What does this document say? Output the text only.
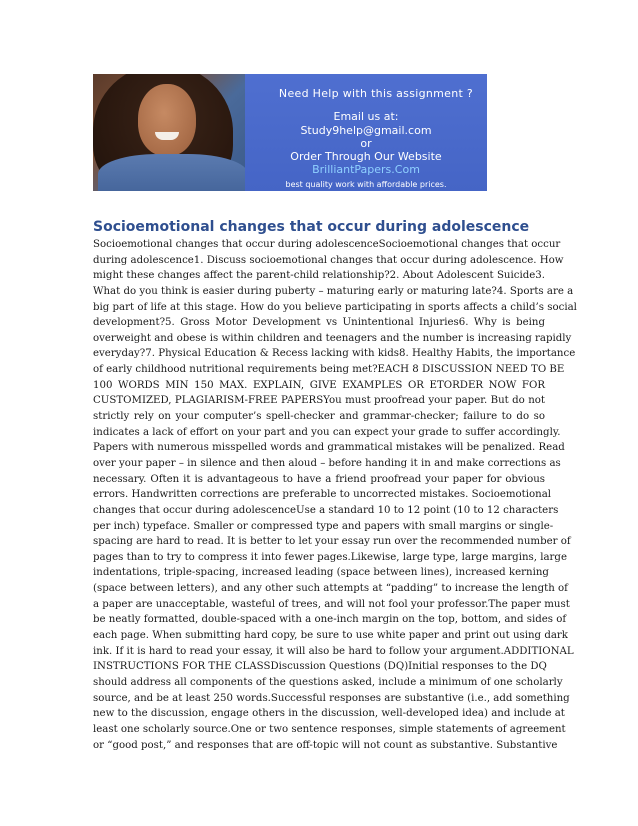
Need Help with this assignment ?
Email us at:
Study9help@gmail.com
or
Order Through Our Website
BrilliantPapers.Com
best quality work with affordable prices.
Socioemotional changes that occur during adolescence
Socioemotional changes that occur during adolescenceSocioemotional changes that occur
during adolescence1. Discuss socioemotional changes that occur during adolescence. How
might these changes affect the parent-child relationship?2. About Adolescent Suicide3.
What do you think is easier during puberty – maturing early or maturing late?4. Sports are a
big part of life at this stage. How do you believe participating in sports affects a child’s social
development?5. Gross Motor Development vs Unintentional Injuries6. Why is being
overweight and obese is within children and teenagers and the number is increasing rapidly
everyday?7. Physical Education & Recess lacking with kids8. Healthy Habits, the importance
of early childhood nutritional requirements being met?EACH 8 DISCUSSION NEED TO BE
100 WORDS MIN 150 MAX. EXPLAIN, GIVE EXAMPLES OR ETORDER NOW FOR
CUSTOMIZED, PLAGIARISM-FREE PAPERSYou must proofread your paper. But do not
strictly rely on your computer’s spell-checker and grammar-checker; failure to do so
indicates a lack of effort on your part and you can expect your grade to suffer accordingly.
Papers with numerous misspelled words and grammatical mistakes will be penalized. Read
over your paper – in silence and then aloud – before handing it in and make corrections as
necessary. Often it is advantageous to have a friend proofread your paper for obvious
errors. Handwritten corrections are preferable to uncorrected mistakes. Socioemotional
changes that occur during adolescenceUse a standard 10 to 12 point (10 to 12 characters
per inch) typeface. Smaller or compressed type and papers with small margins or single-
spacing are hard to read. It is better to let your essay run over the recommended number of
pages than to try to compress it into fewer pages.Likewise, large type, large margins, large
indentations, triple-spacing, increased leading (space between lines), increased kerning
(space between letters), and any other such attempts at “padding” to increase the length of
a paper are unacceptable, wasteful of trees, and will not fool your professor.The paper must
be neatly formatted, double-spaced with a one-inch margin on the top, bottom, and sides of
each page. When submitting hard copy, be sure to use white paper and print out using dark
ink. If it is hard to read your essay, it will also be hard to follow your argument.ADDITIONAL
INSTRUCTIONS FOR THE CLASSDiscussion Questions (DQ)Initial responses to the DQ
should address all components of the questions asked, include a minimum of one scholarly
source, and be at least 250 words.Successful responses are substantive (i.e., add something
new to the discussion, engage others in the discussion, well-developed idea) and include at
least one scholarly source.One or two sentence responses, simple statements of agreement
or “good post,” and responses that are off-topic will not count as substantive. Substantive
